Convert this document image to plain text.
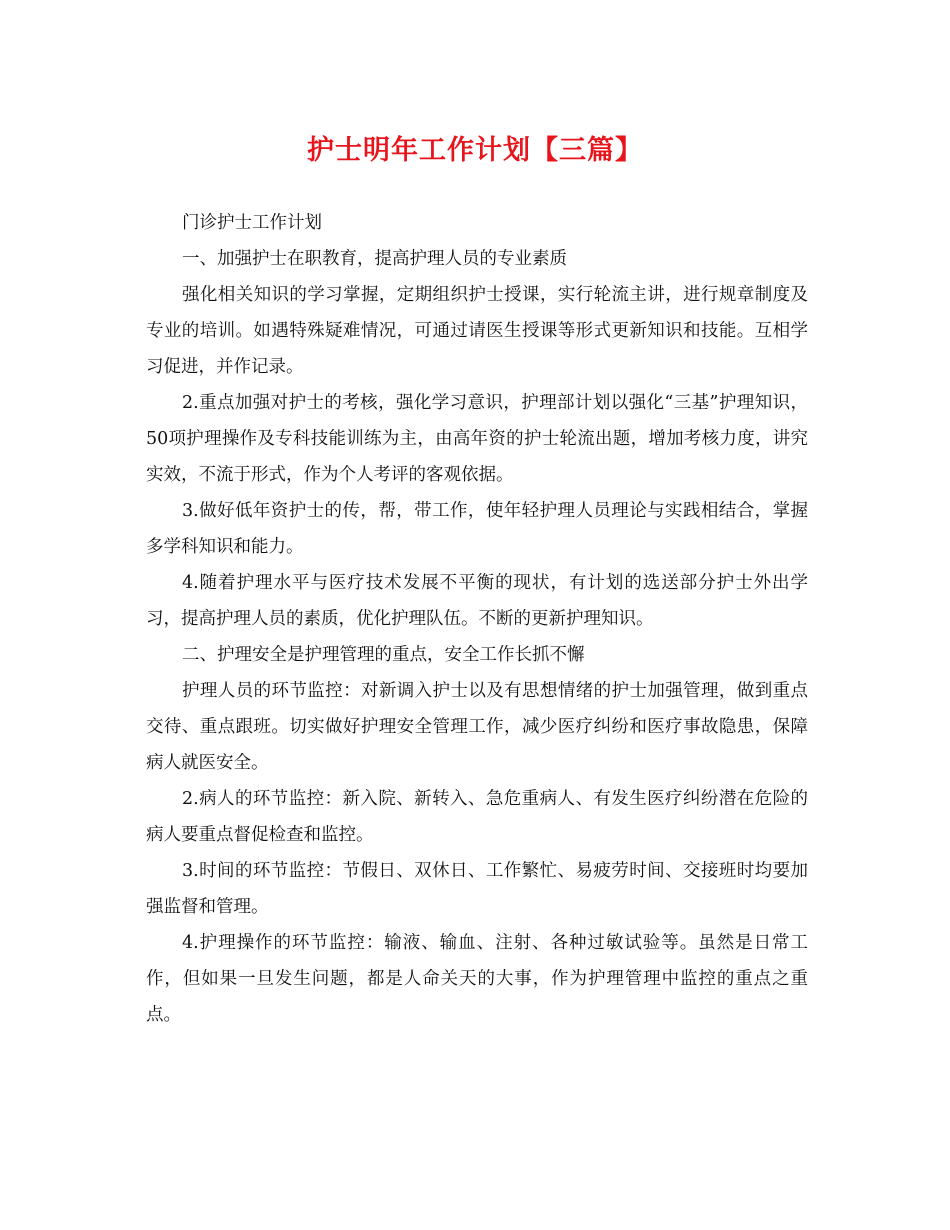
护士明年工作计划【三篇】

门诊护士工作计划

一、加强护士在职教育，提高护理人员的专业素质

强化相关知识的学习掌握，定期组织护士授课，实行轮流主讲，进行规章制度及专业的培训。如遇特殊疑难情况，可通过请医生授课等形式更新知识和技能。互相学习促进，并作记录。

2.重点加强对护士的考核，强化学习意识，护理部计划以强化“三基”护理知识，50项护理操作及专科技能训练为主，由高年资的护士轮流出题，增加考核力度，讲究实效，不流于形式，作为个人考评的客观依据。

3.做好低年资护士的传，帮，带工作，使年轻护理人员理论与实践相结合，掌握多学科知识和能力。

4.随着护理水平与医疗技术发展不平衡的现状，有计划的选送部分护士外出学习，提高护理人员的素质，优化护理队伍。不断的更新护理知识。

二、护理安全是护理管理的重点，安全工作长抓不懈

护理人员的环节监控：对新调入护士以及有思想情绪的护士加强管理，做到重点交待、重点跟班。切实做好护理安全管理工作，减少医疗纠纷和医疗事故隐患，保障病人就医安全。

2.病人的环节监控：新入院、新转入、急危重病人、有发生医疗纠纷潜在危险的病人要重点督促检查和监控。

3.时间的环节监控：节假日、双休日、工作繁忙、易疲劳时间、交接班时均要加强监督和管理。

4.护理操作的环节监控：输液、输血、注射、各种过敏试验等。虽然是日常工作，但如果一旦发生问题，都是人命关天的大事，作为护理管理中监控的重点之重点。
